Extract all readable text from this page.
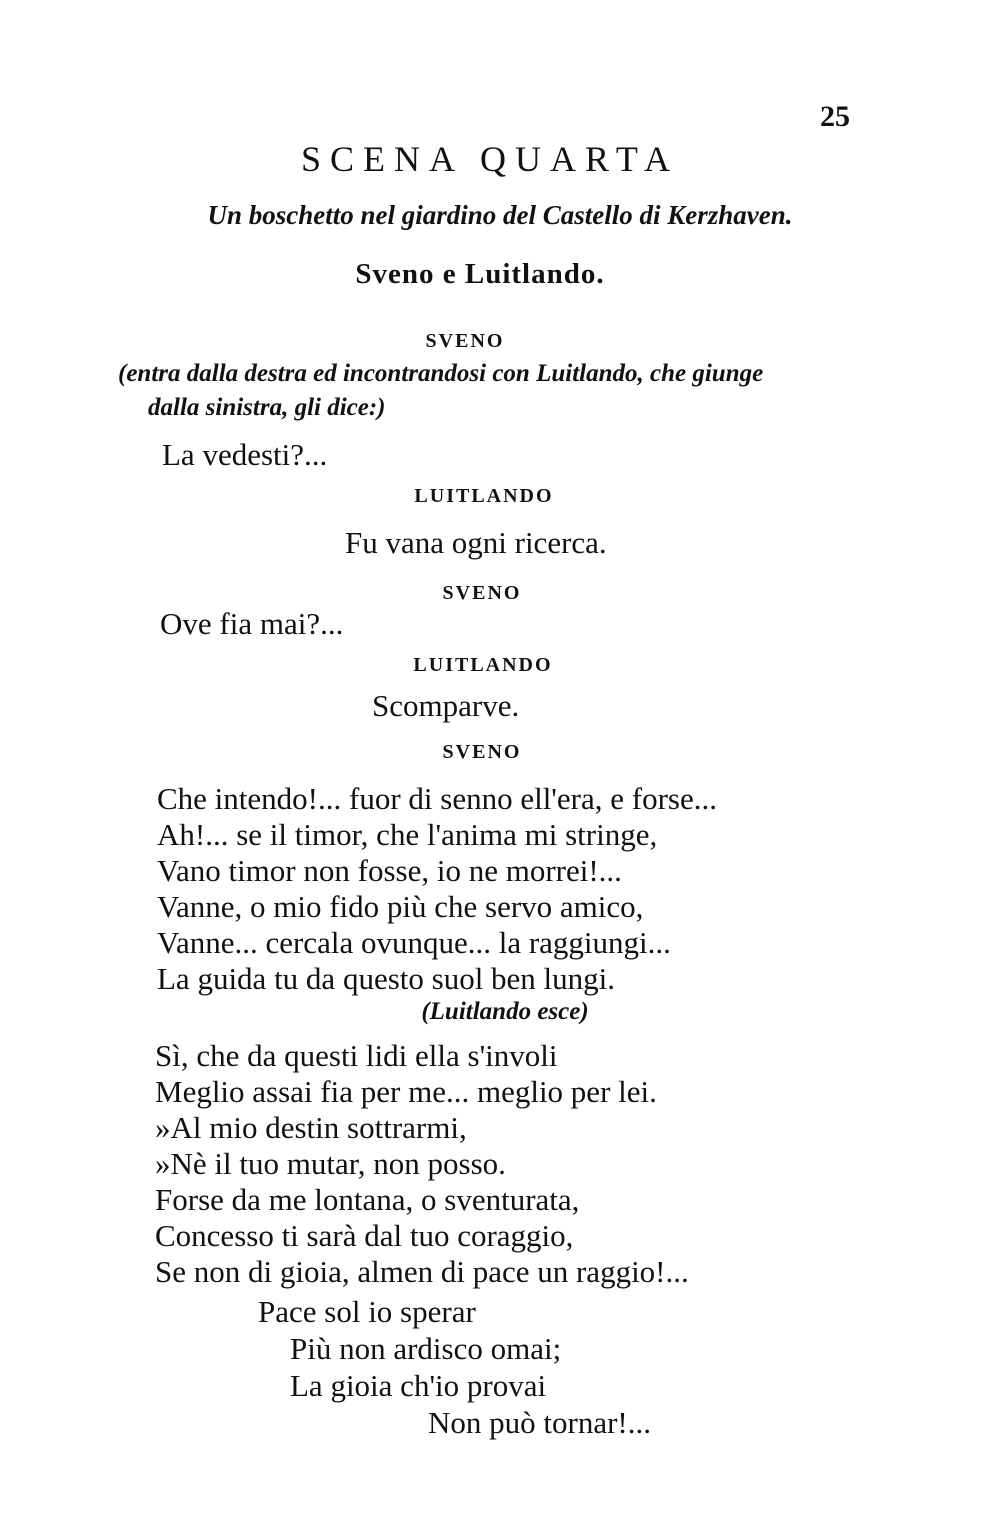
25
SCENA QUARTA
Un boschetto nel giardino del Castello di Kerzhaven.
Sveno e Luitlando.
SVENO
(entra dalla destra ed incontrandosi con Luitlando, che giunge
dalla sinistra, gli dice:)
La vedesti?...
LUITLANDO
Fu vana ogni ricerca.
SVENO
Ove fia mai?...
LUITLANDO
Scomparve.
SVENO
Che intendo!... fuor di senno ell'era, e forse...
Ah!... se il timor, che l'anima mi stringe,
Vano timor non fosse, io ne morrei!...
Vanne, o mio fido più che servo amico,
Vanne... cercala ovunque... la raggiungi...
La guida tu da questo suol ben lungi.
(Luitlando esce)
Sì, che da questi lidi ella s'involi
Meglio assai fia per me... meglio per lei.
»Al mio destin sottrarmi,
»Nè il tuo mutar, non posso.
Forse da me lontana, o sventurata,
Concesso ti sarà dal tuo coraggio,
Se non di gioia, almen di pace un raggio!...
Pace sol io sperar
Più non ardisco omai;
La gioia ch'io provai
Non può tornar!...
